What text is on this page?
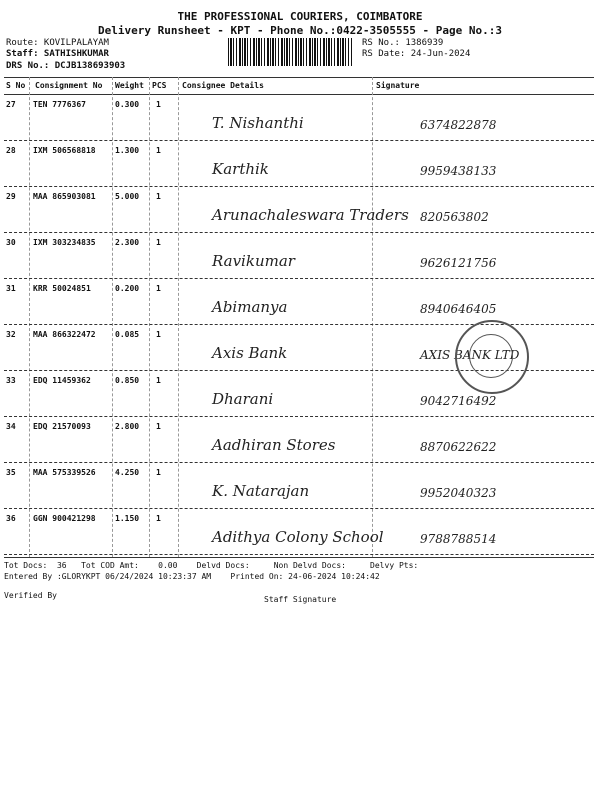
THE PROFESSIONAL COURIERS, COIMBATORE
Delivery Runsheet - KPT - Phone No.:0422-3505555 - Page No.:3
Route: KOVILPALAYAM
Staff: SATHISHKUMAR
DRS No.: DCJB138693903
RS No.: 1386939
RS Date: 24-Jun-2024
S No Consignment No Weight PCS Consignee Details	Signature
27 TEN 7776367	0.300 1
T. Nishanthi	6374822878
28 IXM 506568818 1.300 1
Karthik	9959438133
29 MAA 865903081 5.000 1
Arunachaleswara Traders 820563802
30 IXM 303234835 2.300 1
Ravikumar	9626121756
31 KRR 50024851	0.200 1
Abimanya	8940646405
32 MAA 866322472 0.085 1
Axis Bank	AXIS BANK LTD
33 EDQ 11459362	0.850 1
Dharani	9042716492
34 EDQ 21570093	2.800 1
Aadhiran Stores	8870622622
35 MAA 575339526 4.250 1
K. Natarajan	9952040323
36 GGN 900421298 1.150 1
Adithya Colony School	9788788514
Tot Docs:  36   Tot COD Amt:    0.00    Delvd Docs:     Non Delvd Docs:     Delvy Pts:
Entered By :GLORYKPT 06/24/2024 10:23:37 AM    Printed On: 24-06-2024 10:24:42
Verified By	Staff Signature
